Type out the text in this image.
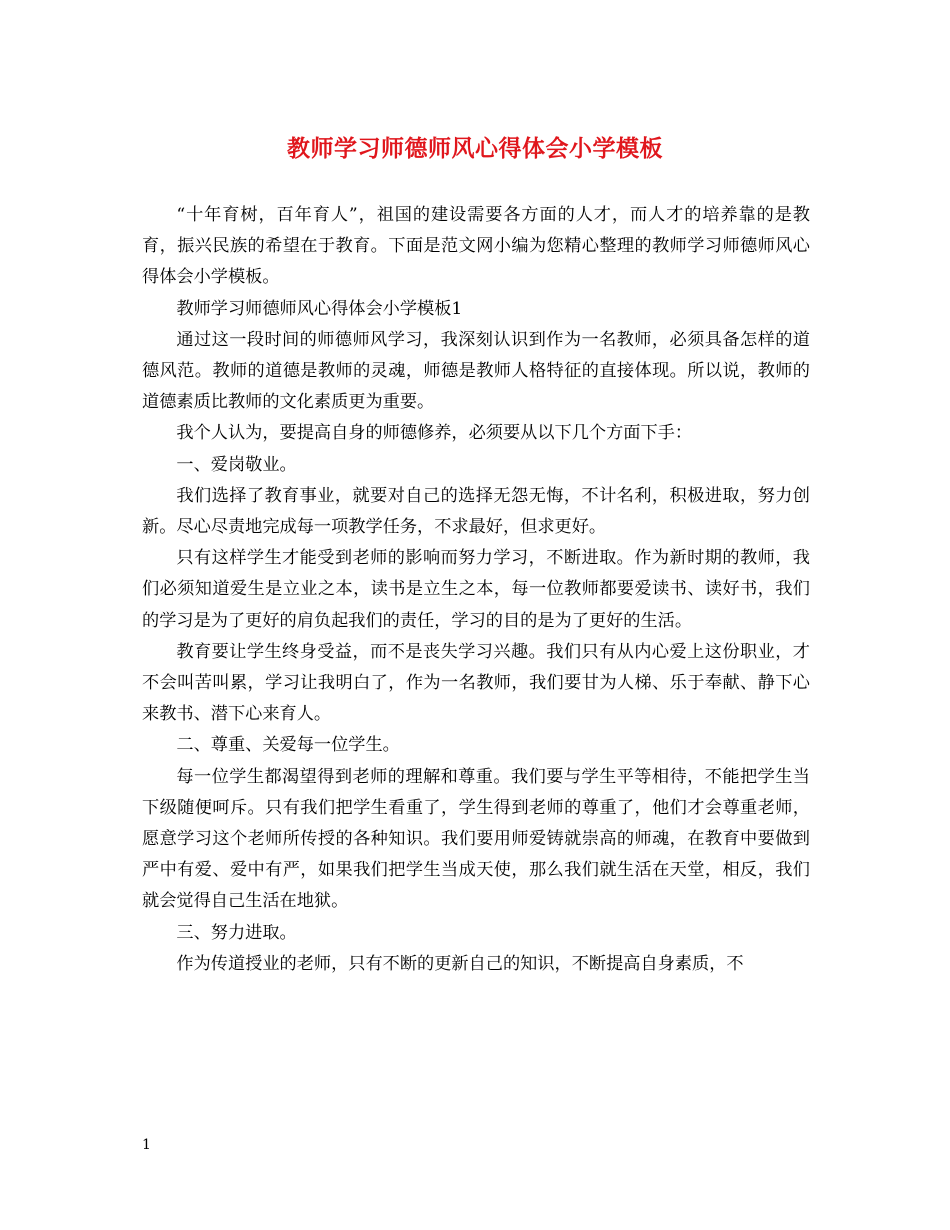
教师学习师德师风心得体会小学模板

“十年育树，百年育人”，祖国的建设需要各方面的人才，而人才的培养靠的是教育，振兴民族的希望在于教育。下面是范文网小编为您精心整理的教师学习师德师风心得体会小学模板。

教师学习师德师风心得体会小学模板1

通过这一段时间的师德师风学习，我深刻认识到作为一名教师，必须具备怎样的道德风范。教师的道德是教师的灵魂，师德是教师人格特征的直接体现。所以说，教师的道德素质比教师的文化素质更为重要。

我个人认为，要提高自身的师德修养，必须要从以下几个方面下手：

一、爱岗敬业。

我们选择了教育事业，就要对自己的选择无怨无悔，不计名利，积极进取，努力创新。尽心尽责地完成每一项教学任务，不求最好，但求更好。

只有这样学生才能受到老师的影响而努力学习，不断进取。作为新时期的教师，我们必须知道爱生是立业之本，读书是立生之本，每一位教师都要爱读书、读好书，我们的学习是为了更好的肩负起我们的责任，学习的目的是为了更好的生活。

教育要让学生终身受益，而不是丧失学习兴趣。我们只有从内心爱上这份职业，才不会叫苦叫累，学习让我明白了，作为一名教师，我们要甘为人梯、乐于奉献、静下心来教书、潜下心来育人。

二、尊重、关爱每一位学生。

每一位学生都渴望得到老师的理解和尊重。我们要与学生平等相待，不能把学生当下级随便呵斥。只有我们把学生看重了，学生得到老师的尊重了，他们才会尊重老师，愿意学习这个老师所传授的各种知识。我们要用师爱铸就崇高的师魂，在教育中要做到严中有爱、爱中有严，如果我们把学生当成天使，那么我们就生活在天堂，相反，我们就会觉得自己生活在地狱。

三、努力进取。

作为传道授业的老师，只有不断的更新自己的知识，不断提高自身素质，不

1
